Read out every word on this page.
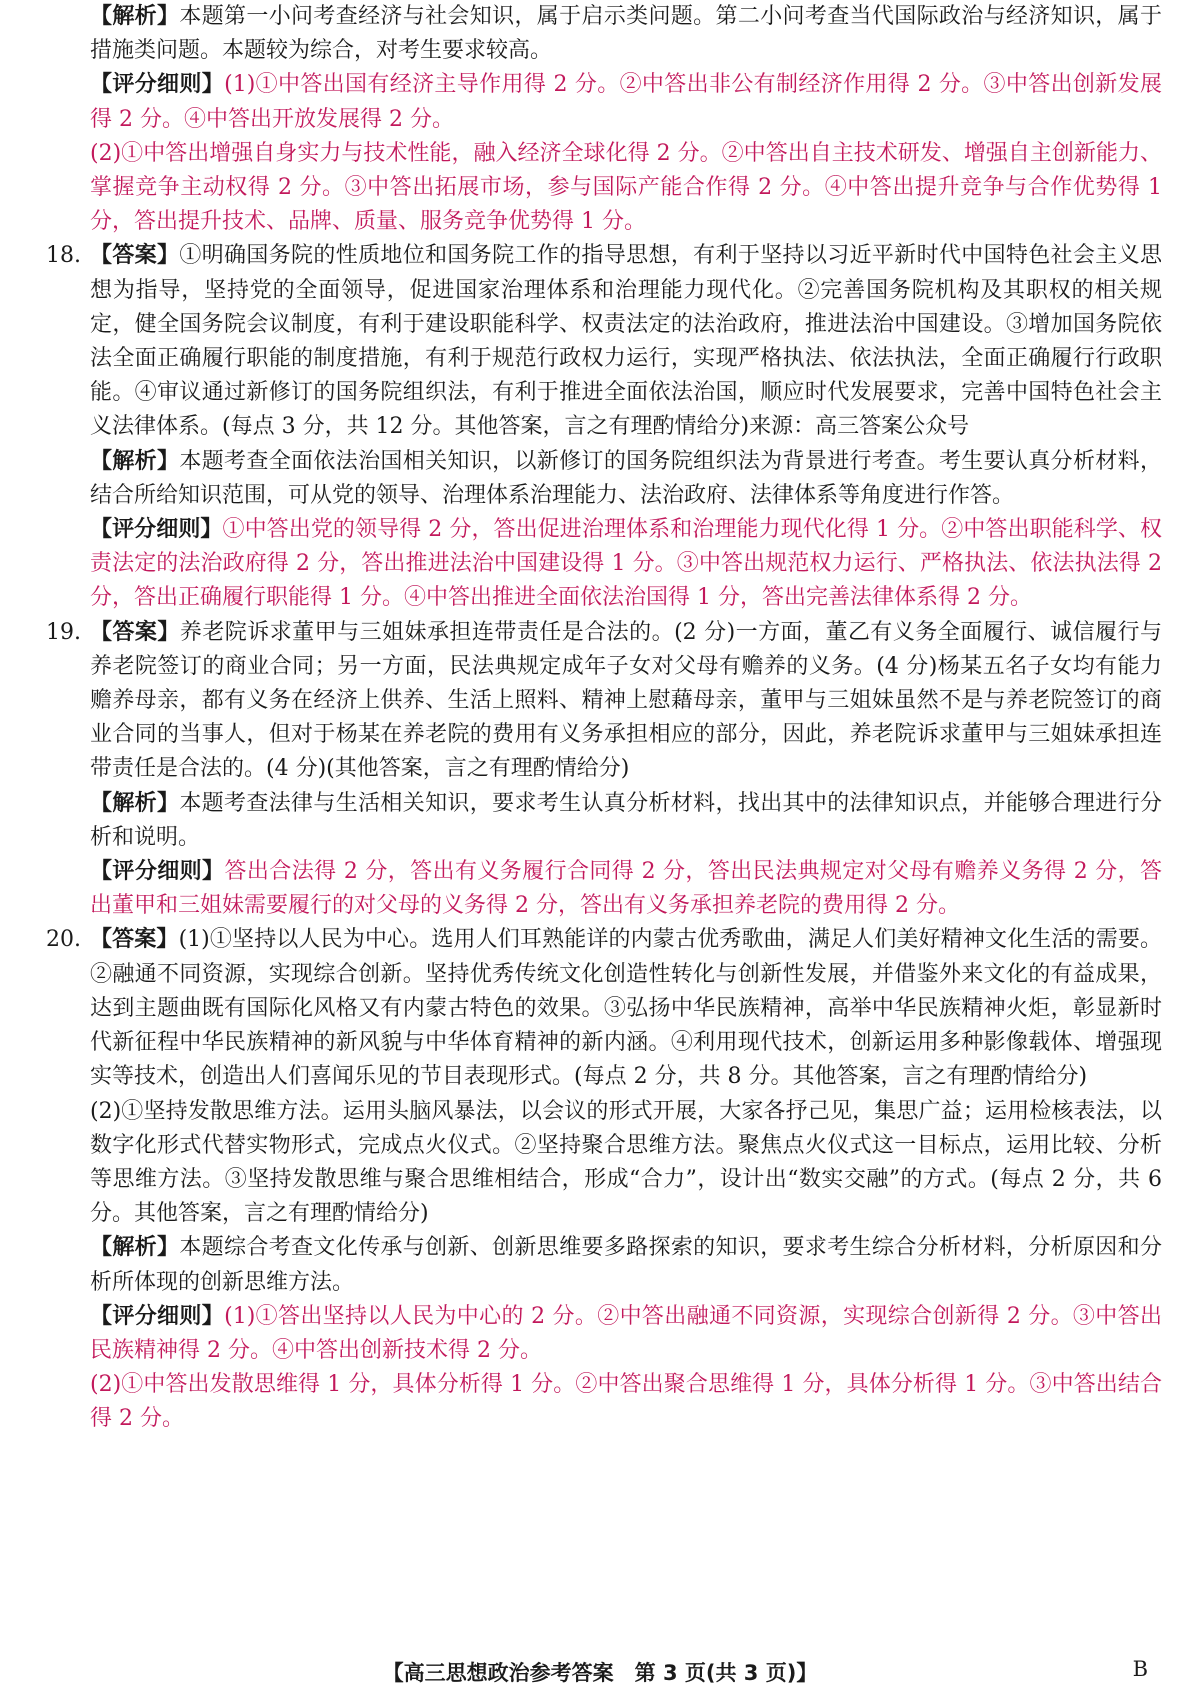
【解析】本题第一小问考查经济与社会知识，属于启示类问题。第二小问考查当代国际政治与经济知识，属于措施类问题。本题较为综合，对考生要求较高。

【评分细则】(1)①中答出国有经济主导作用得 2 分。②中答出非公有制经济作用得 2 分。③中答出创新发展得 2 分。④中答出开放发展得 2 分。

(2)①中答出增强自身实力与技术性能，融入经济全球化得 2 分。②中答出自主技术研发、增强自主创新能力、掌握竞争主动权得 2 分。③中答出拓展市场，参与国际产能合作得 2 分。④中答出提升竞争与合作优势得 1 分，答出提升技术、品牌、质量、服务竞争优势得 1 分。

18. 【答案】①明确国务院的性质地位和国务院工作的指导思想，有利于坚持以习近平新时代中国特色社会主义思想为指导，坚持党的全面领导，促进国家治理体系和治理能力现代化。②完善国务院机构及其职权的相关规定，健全国务院会议制度，有利于建设职能科学、权责法定的法治政府，推进法治中国建设。③增加国务院依法全面正确履行职能的制度措施，有利于规范行政权力运行，实现严格执法、依法执法，全面正确履行行政职能。④审议通过新修订的国务院组织法，有利于推进全面依法治国，顺应时代发展要求，完善中国特色社会主义法律体系。(每点 3 分，共 12 分。其他答案，言之有理酌情给分)来源：高三答案公众号

【解析】本题考查全面依法治国相关知识，以新修订的国务院组织法为背景进行考查。考生要认真分析材料，结合所给知识范围，可从党的领导、治理体系治理能力、法治政府、法律体系等角度进行作答。

【评分细则】①中答出党的领导得 2 分，答出促进治理体系和治理能力现代化得 1 分。②中答出职能科学、权责法定的法治政府得 2 分，答出推进法治中国建设得 1 分。③中答出规范权力运行、严格执法、依法执法得 2 分，答出正确履行职能得 1 分。④中答出推进全面依法治国得 1 分，答出完善法律体系得 2 分。

19. 【答案】养老院诉求董甲与三姐妹承担连带责任是合法的。(2 分)一方面，董乙有义务全面履行、诚信履行与养老院签订的商业合同；另一方面，民法典规定成年子女对父母有赡养的义务。(4 分)杨某五名子女均有能力赡养母亲，都有义务在经济上供养、生活上照料、精神上慰藉母亲，董甲与三姐妹虽然不是与养老院签订的商业合同的当事人，但对于杨某在养老院的费用有义务承担相应的部分，因此，养老院诉求董甲与三姐妹承担连带责任是合法的。(4 分)(其他答案，言之有理酌情给分)

【解析】本题考查法律与生活相关知识，要求考生认真分析材料，找出其中的法律知识点，并能够合理进行分析和说明。

【评分细则】答出合法得 2 分，答出有义务履行合同得 2 分，答出民法典规定对父母有赡养义务得 2 分，答出董甲和三姐妹需要履行的对父母的义务得 2 分，答出有义务承担养老院的费用得 2 分。

20. 【答案】(1)①坚持以人民为中心。选用人们耳熟能详的内蒙古优秀歌曲，满足人们美好精神文化生活的需要。②融通不同资源，实现综合创新。坚持优秀传统文化创造性转化与创新性发展，并借鉴外来文化的有益成果，达到主题曲既有国际化风格又有内蒙古特色的效果。③弘扬中华民族精神，高举中华民族精神火炬，彰显新时代新征程中华民族精神的新风貌与中华体育精神的新内涵。④利用现代技术，创新运用多种影像载体、增强现实等技术，创造出人们喜闻乐见的节目表现形式。(每点 2 分，共 8 分。其他答案，言之有理酌情给分)

(2)①坚持发散思维方法。运用头脑风暴法，以会议的形式开展，大家各抒己见，集思广益；运用检核表法，以数字化形式代替实物形式，完成点火仪式。②坚持聚合思维方法。聚焦点火仪式这一目标点，运用比较、分析等思维方法。③坚持发散思维与聚合思维相结合，形成“合力”，设计出“数实交融”的方式。(每点 2 分，共 6 分。其他答案，言之有理酌情给分)

【解析】本题综合考查文化传承与创新、创新思维要多路探索的知识，要求考生综合分析材料，分析原因和分析所体现的创新思维方法。

【评分细则】(1)①答出坚持以人民为中心的 2 分。②中答出融通不同资源，实现综合创新得 2 分。③中答出民族精神得 2 分。④中答出创新技术得 2 分。

(2)①中答出发散思维得 1 分，具体分析得 1 分。②中答出聚合思维得 1 分，具体分析得 1 分。③中答出结合得 2 分。

【高三思想政治参考答案　第 3 页(共 3 页)】	B
